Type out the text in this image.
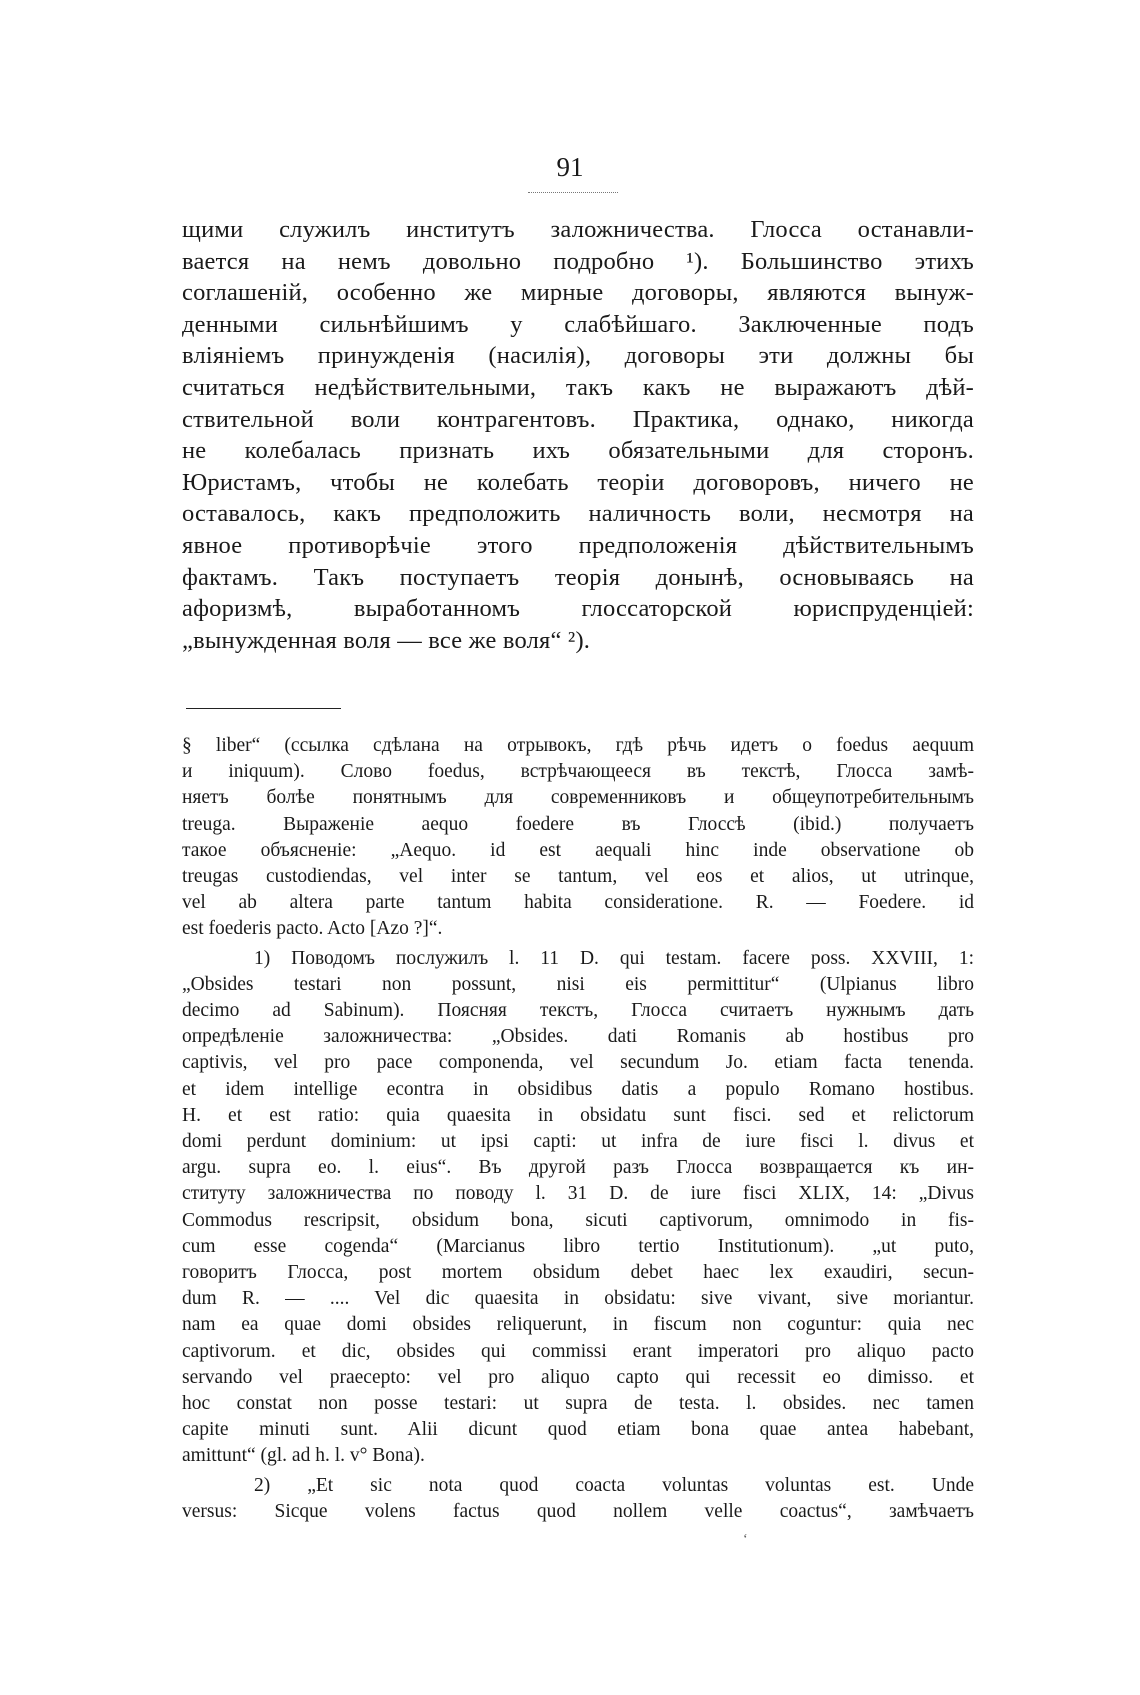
91
щими служилъ институтъ заложничества. Глосса останавли-
вается на немъ довольно подробно ¹). Большинство этихъ
соглашеній, особенно же мирные договоры, являются вынуж-
денными сильнѣйшимъ у слабѣйшаго. Заключенные подъ
вліяніемъ принужденія (насилія), договоры эти должны бы
считаться недѣйствительными, такъ какъ не выражаютъ дѣй-
ствительной воли контрагентовъ. Практика, однако, никогда
не колебалась признать ихъ обязательными для сторонъ.
Юристамъ, чтобы не колебать теоріи договоровъ, ничего не
оставалось, какъ предположить наличность воли, несмотря на
явное противорѣчіе этого предположенія дѣйствительнымъ
фактамъ. Такъ поступаетъ теорія донынѣ, основываясь на
афоризмѣ, выработанномъ глоссаторской юриспруденціей:
„вынужденная воля — все же воля“ ²).
§ liber“ (ссылка сдѣлана на отрывокъ, гдѣ рѣчь идетъ о foedus aequum
и iniquum). Слово foedus, встрѣчающееся въ текстѣ, Глосса замѣ-
няетъ болѣе понятнымъ для современниковъ и общеупотребительнымъ
treuga. Выраженіе aequo foedere въ Глоссѣ (ibid.) получаетъ
такое объясненіе: „Aequo. id est aequali hinc inde observatione ob
treugas custodiendas, vel inter se tantum, vel eos et alios, ut utrinque,
vel ab altera parte tantum habita consideratione. R. — Foedere. id
est foederis pacto. Acto [Azo ?]“.
1) Поводомъ послужилъ l. 11 D. qui testam. facere poss. XXVIII, 1:
„Obsides testari non possunt, nisi eis permittitur“ (Ulpianus libro
decimo ad Sabinum). Поясняя текстъ, Глосса считаетъ нужнымъ дать
опредѣленіе заложничества: „Obsides. dati Romanis ab hostibus pro
captivis, vel pro pace componenda, vel secundum Jo. etiam facta tenenda.
et idem intellige econtra in obsidibus datis a populo Romano hostibus.
H. et est ratio: quia quaesita in obsidatu sunt fisci. sed et relictorum
domi perdunt dominium: ut ipsi capti: ut infra de iure fisci l. divus et
argu. supra eo. l. eius“. Въ другой разъ Глосса возвращается къ ин-
ституту заложничества по поводу l. 31 D. de iure fisci XLIX, 14: „Divus
Commodus rescripsit, obsidum bona, sicuti captivorum, omnimodo in fis-
cum esse cogenda“ (Marcianus libro tertio Institutionum). „ut puto,
говоритъ Глосса, post mortem obsidum debet haec lex exaudiri, secun-
dum R. — .... Vel dic quaesita in obsidatu: sive vivant, sive moriantur.
nam ea quae domi obsides reliquerunt, in fiscum non coguntur: quia nec
captivorum. et dic, obsides qui commissi erant imperatori pro aliquo pacto
servando vel praecepto: vel pro aliquo capto qui recessit eo dimisso. et
hoc constat non posse testari: ut supra de testa. l. obsides. nec tamen
capite minuti sunt. Alii dicunt quod etiam bona quae antea habebant,
amittunt“ (gl. ad h. l. v° Bona).
2) „Et sic nota quod coacta voluntas voluntas est. Unde
versus: Sicque volens factus quod nollem velle coactus“, замѣчаетъ
ʻ
